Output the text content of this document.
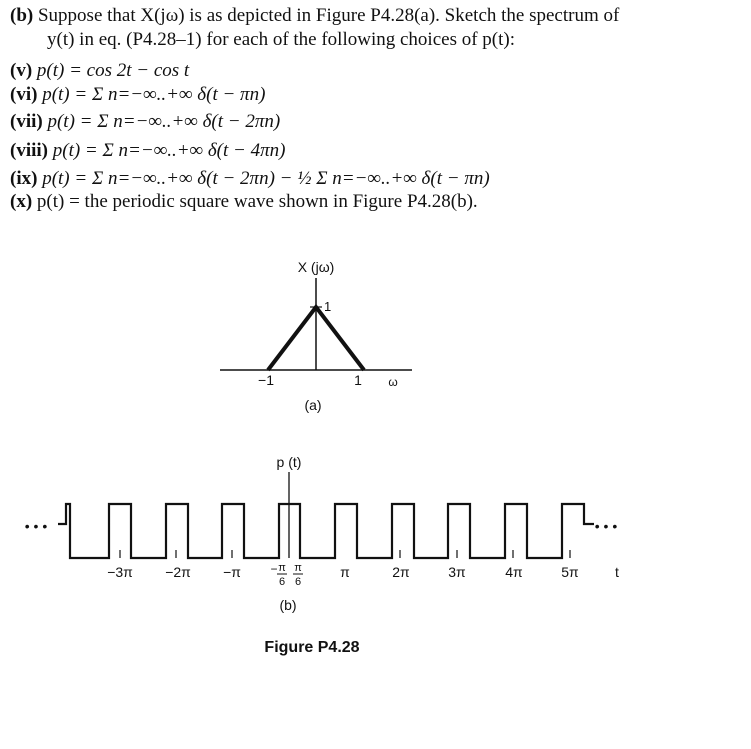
(b) Suppose that X(jω) is as depicted in Figure P4.28(a). Sketch the spectrum of
y(t) in eq. (P4.28–1) for each of the following choices of p(t):
(v) p(t) = cos 2t − cos t
(vi) p(t) = Σ n=−∞..+∞ δ(t − πn)
(vii) p(t) = Σ n=−∞..+∞ δ(t − 2πn)
(viii) p(t) = Σ n=−∞..+∞ δ(t − 4πn)
(ix) p(t) = Σ n=−∞..+∞ δ(t − 2πn) − ½ Σ n=−∞..+∞ δ(t − πn)
(x) p(t) = the periodic square wave shown in Figure P4.28(b).
X (jω)
1
−1	1 ω
(a)
p (t)
• • •	• • •
−3π −2π −π	π	2π	3π	4π	5π
− π
6
π
6
t
(b)
Figure P4.28
